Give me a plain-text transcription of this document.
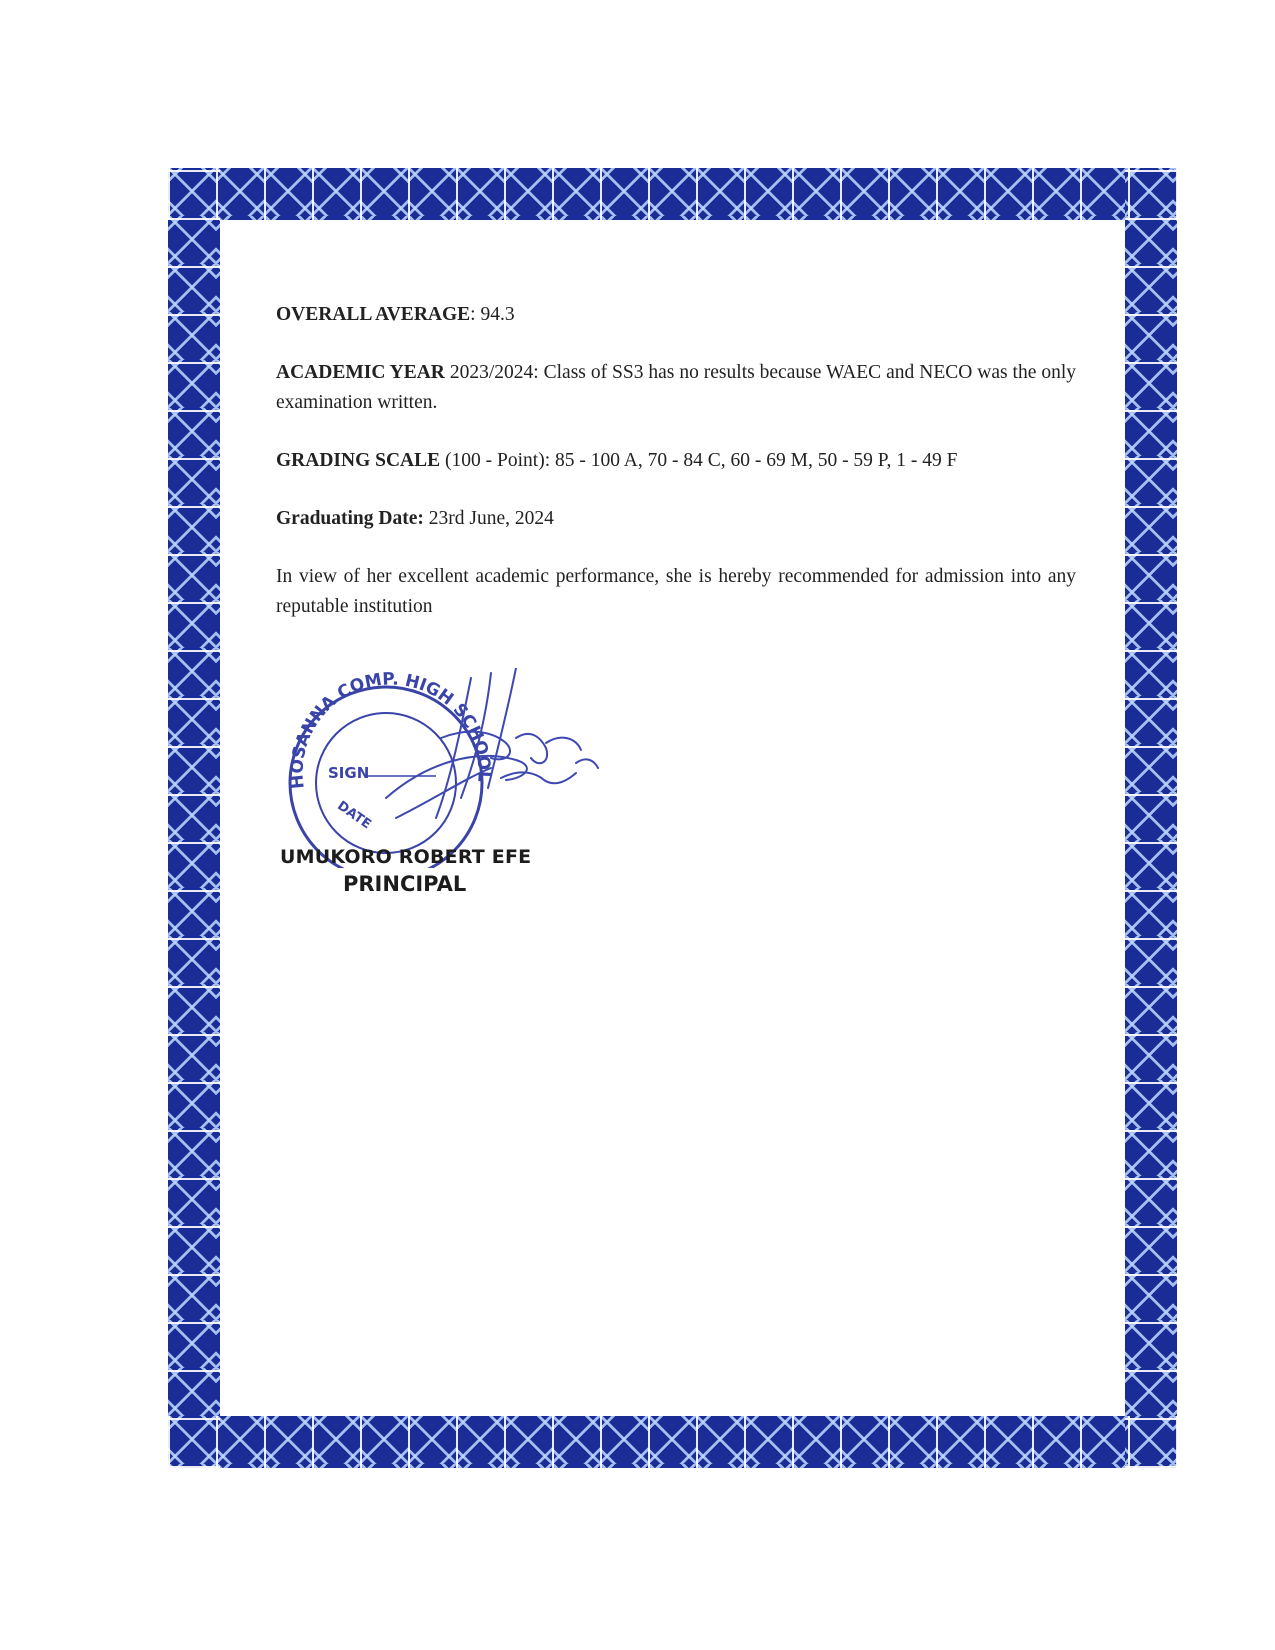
OVERALL AVERAGE: 94.3

ACADEMIC YEAR 2023/2024: Class of SS3 has no results because WAEC and NECO was the only examination written.

GRADING SCALE (100 - Point): 85 - 100 A, 70 - 84 C, 60 - 69 M, 50 - 59 P, 1 - 49 F

Graduating Date: 23rd June, 2024

In view of her excellent academic performance, she is hereby recommended for admission into any reputable institution

HOSANNA COMP. HIGH SCHOOL
SIGN
DATE
UMUKORO ROBERT EFE
PRINCIPAL
